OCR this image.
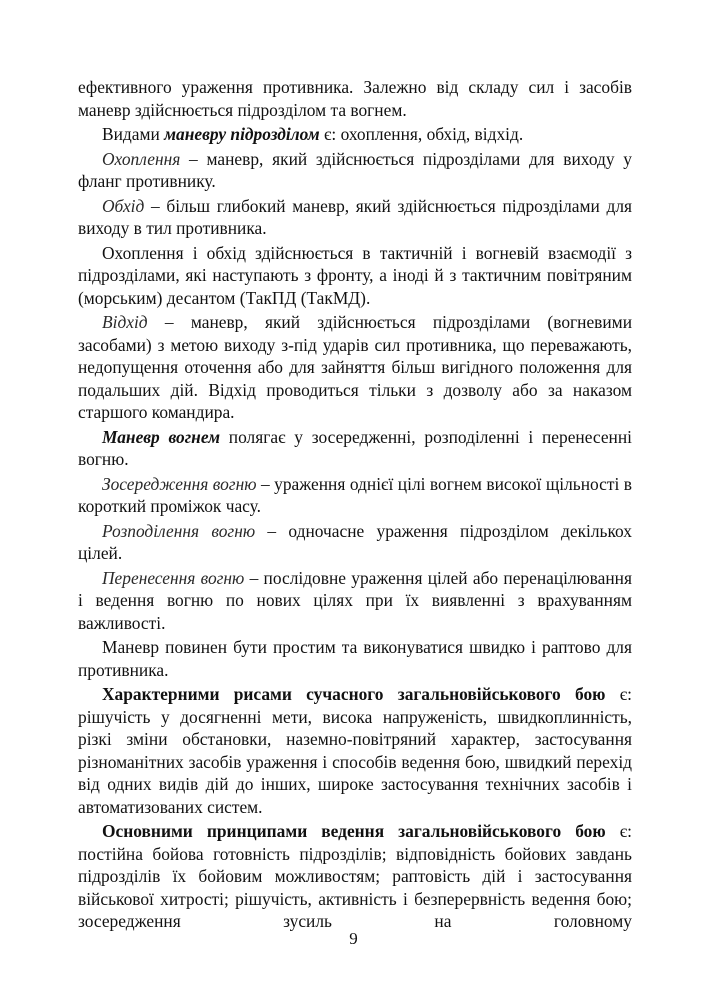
ефективного ураження противника. Залежно від складу сил і засобів маневр здійснюється підрозділом та вогнем.

Видами маневру підрозділом є: охоплення, обхід, відхід.

Охоплення – маневр, який здійснюється підрозділами для виходу у фланг противнику.

Обхід – більш глибокий маневр, який здійснюється підрозділами для виходу в тил противника.

Охоплення і обхід здійснюється в тактичній і вогневій взаємодії з підрозділами, які наступають з фронту, а іноді й з тактичним повітряним (морським) десантом (ТакПД (ТакМД).

Відхід – маневр, який здійснюється підрозділами (вогневими засобами) з метою виходу з-під ударів сил противника, що переважають, недопущення оточення або для зайняття більш вигідного положення для подальших дій. Відхід проводиться тільки з дозволу або за наказом старшого командира.

Маневр вогнем полягає у зосередженні, розподіленні і перенесенні вогню.

Зосередження вогню – ураження однієї цілі вогнем високої щільності в короткий проміжок часу.

Розподілення вогню – одночасне ураження підрозділом декількох цілей.

Перенесення вогню – послідовне ураження цілей або перенацілювання і ведення вогню по нових цілях при їх виявленні з врахуванням важливості.

Маневр повинен бути простим та виконуватися швидко і раптово для противника.

Характерними рисами сучасного загальновійськового бою є: рішучість у досягненні мети, висока напруженість, швидкоплинність, різкі зміни обстановки, наземно-повітряний характер, застосування різноманітних засобів ураження і способів ведення бою, швидкий перехід від одних видів дій до інших, широке застосування технічних засобів і автоматизованих систем.

Основними принципами ведення загальновійськового бою є: постійна бойова готовність підрозділів; відповідність бойових завдань підрозділів їх бойовим можливостям; раптовість дій і застосування військової хитрості; рішучість, активність і безперервність ведення бою; зосередження зусиль на головному

9
